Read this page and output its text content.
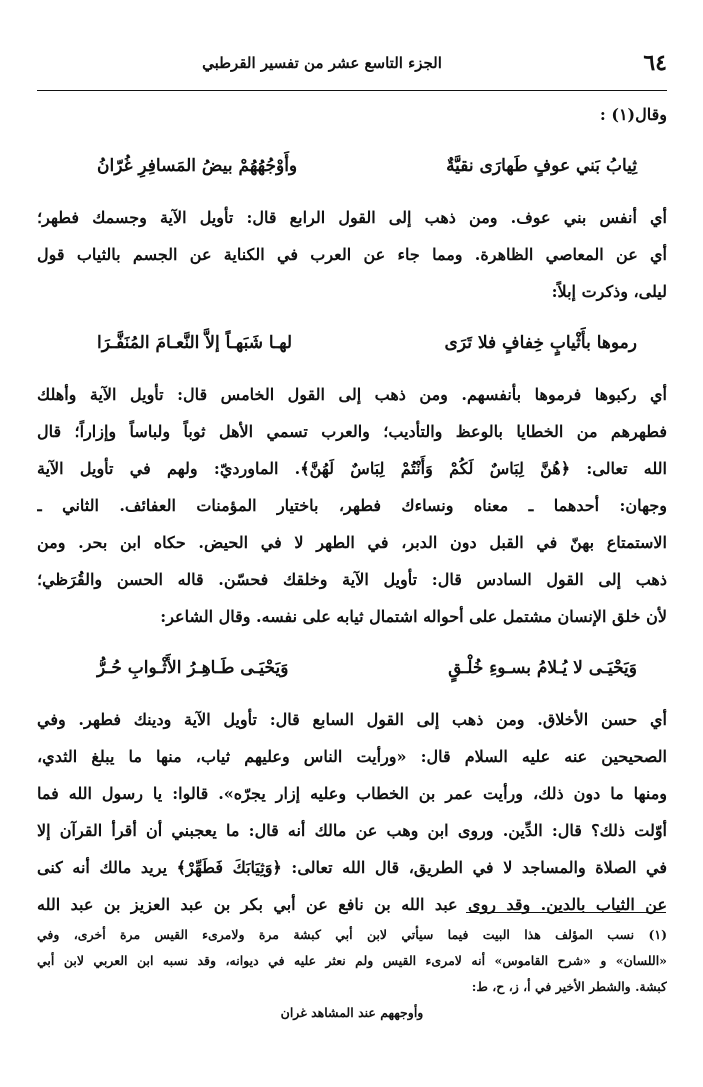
٦٤
الجزء التاسع عشر من تفسير القرطبي
وقال(١) :
ثِيابُ بَني عوفٍ طَهارَى نقيَّةٌ
وأَوْجُهُهُمْ بيضُ المَسافِرِ غُرّانُ
أي أنفس بني عوف. ومن ذهب إلى القول الرابع قال: تأويل الآية وجسمك فطهر؛
أي عن المعاصي الظاهرة. ومما جاء عن العرب في الكناية عن الجسم بالثياب قول
ليلى، وذكرت إبلاً:
رموها بأَثْيابٍ خِفافٍ فلا تَرَى
لهـا شَبَهـاً إلاَّ النَّعـامَ المُنَفَّـرَا
أي ركبوها فرموها بأنفسهم. ومن ذهب إلى القول الخامس قال: تأويل الآية وأهلك
فطهرهم من الخطايا بالوعظ والتأديب؛ والعرب تسمي الأهل ثوباً ولباساً وإزاراً؛ قال
الله تعالى: ﴿هُنَّ لِبَاسٌ لَكُمْ وَأَنْتُمْ لِبَاسٌ لَهُنَّ﴾. الماورديّ: ولهم في تأويل الآية
وجهان: أحدهما ـ معناه ونساءك فطهر، باختيار المؤمنات العفائف. الثاني ـ
الاستمتاع بهنّ في القبل دون الدبر، في الطهر لا في الحيض. حكاه ابن بحر. ومن
ذهب إلى القول السادس قال: تأويل الآية وخلقك فحسّن. قاله الحسن والقُرَظي؛
لأن خلق الإنسان مشتمل على أحواله اشتمال ثيابه على نفسه. وقال الشاعر:
وَيَحْيَـى لا يُـلامُ بسـوءِ خُلْـقٍ
وَيَحْيَـى طَـاهِـرُ الأَثْـوابِ حُـرُّ
أي حسن الأخلاق. ومن ذهب إلى القول السابع قال: تأويل الآية ودينك فطهر. وفي
الصحيحين عنه عليه السلام قال: «ورأيت الناس وعليهم ثياب، منها ما يبلغ الثدي،
ومنها ما دون ذلك، ورأيت عمر بن الخطاب وعليه إزار يجرّه». قالوا: يا رسول الله فما
أوّلت ذلك؟ قال: الدِّين. وروى ابن وهب عن مالك أنه قال: ما يعجبني أن أقرأ القرآن إلا
في الصلاة والمساجد لا في الطريق، قال الله تعالى: ﴿وَثِيَابَكَ فَطَهِّرْ﴾ يريد مالك أنه كنى
عن الثياب بالدين. وقد روى عبد الله بن نافع عن أبي بكر بن عبد العزيز بن عبد الله
(١) نسب المؤلف هذا البيت فيما سيأتي لابن أبي كبشة مرة ولامرىء القيس مرة أخرى، وفي
«اللسان» و «شرح القاموس» أنه لامرىء القيس ولم نعثر عليه في ديوانه، وقد نسبه ابن العربي لابن أبي
كبشة. والشطر الأخير في أ، ز، ح، ط:
وأوجههم عند المشاهد غران
